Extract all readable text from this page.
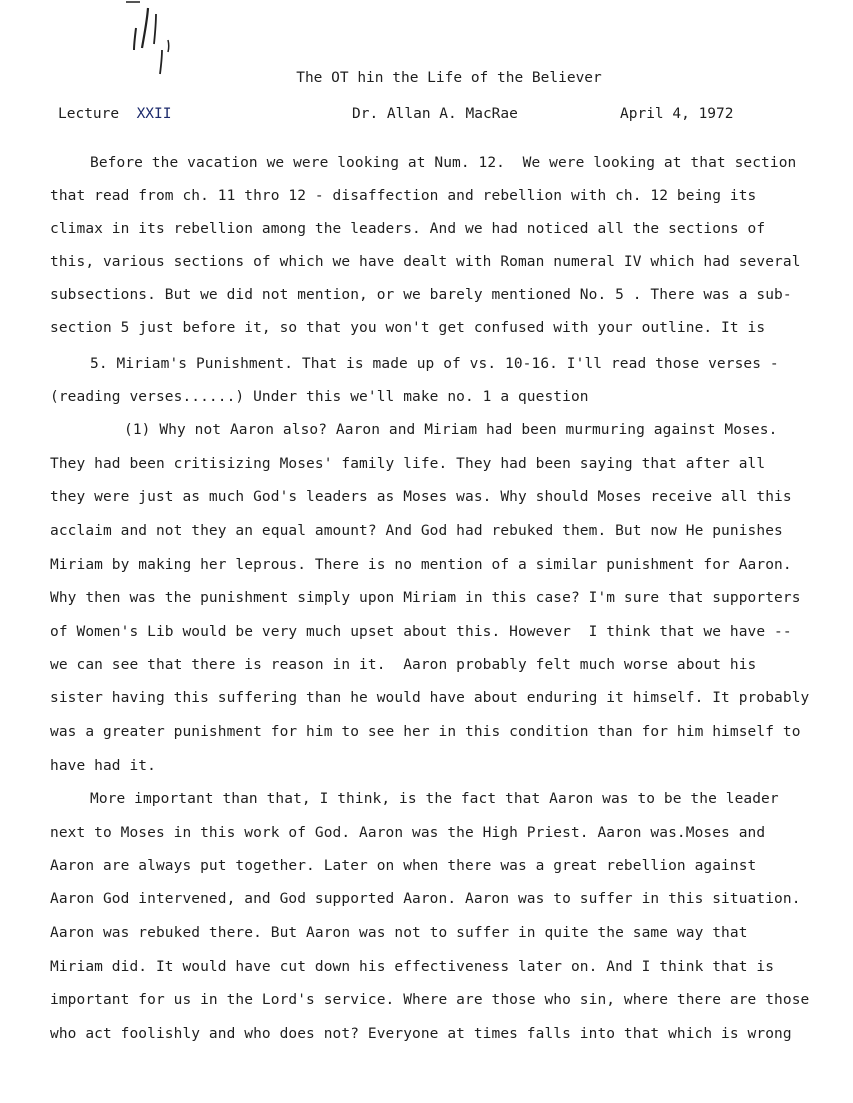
The OT hin the Life of the Believer
Lecture XXII	Dr. Allan A. MacRae	April 4, 1972
Before the vacation we were looking at Num. 12.  We were looking at that section
that read from ch. 11 thro 12 - disaffection and rebellion with ch. 12 being its
climax in its rebellion among the leaders. And we had noticed all the sections of
this, various sections of which we have dealt with Roman numeral IV which had several
subsections. But we did not mention, or we barely mentioned No. 5 . There was a sub-
section 5 just before it, so that you won't get confused with your outline. It is
5. Miriam's Punishment. That is made up of vs. 10-16. I'll read those verses -
(reading verses......) Under this we'll make no. 1 a question
(1) Why not Aaron also? Aaron and Miriam had been murmuring against Moses.
They had been critisizing Moses' family life. They had been saying that after all
they were just as much God's leaders as Moses was. Why should Moses receive all this
acclaim and not they an equal amount? And God had rebuked them. But now He punishes
Miriam by making her leprous. There is no mention of a similar punishment for Aaron.
Why then was the punishment simply upon Miriam in this case? I'm sure that supporters
of Women's Lib would be very much upset about this. However  I think that we have --
we can see that there is reason in it.  Aaron probably felt much worse about his
sister having this suffering than he would have about enduring it himself. It probably
was a greater punishment for him to see her in this condition than for him himself to
have had it.
More important than that, I think, is the fact that Aaron was to be the leader
next to Moses in this work of God. Aaron was the High Priest. Aaron was.Moses and
Aaron are always put together. Later on when there was a great rebellion against
Aaron God intervened, and God supported Aaron. Aaron was to suffer in this situation.
Aaron was rebuked there. But Aaron was not to suffer in quite the same way that
Miriam did. It would have cut down his effectiveness later on. And I think that is
important for us in the Lord's service. Where are those who sin, where there are those
who act foolishly and who does not? Everyone at times falls into that which is wrong
